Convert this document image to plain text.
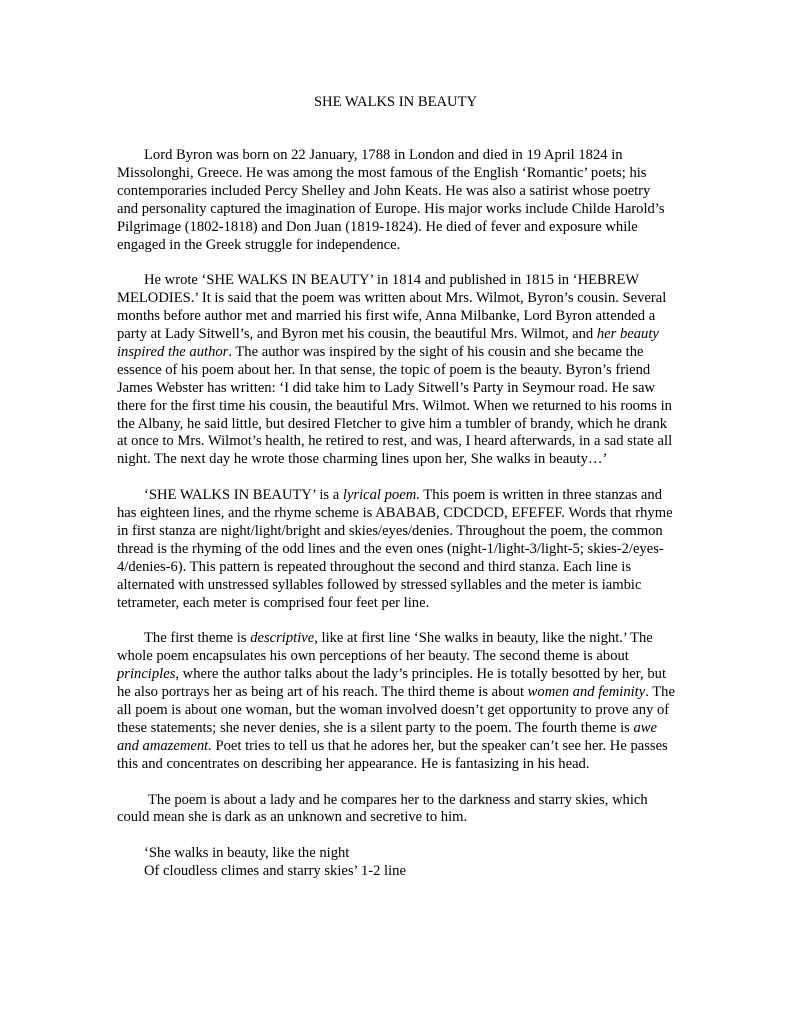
SHE WALKS IN BEAUTY

Lord Byron was born on 22 January, 1788 in London and died in 19 April 1824 in Missolonghi, Greece. He was among the most famous of the English ‘Romantic’ poets; his contemporaries included Percy Shelley and John Keats. He was also a satirist whose poetry and personality captured the imagination of Europe. His major works include Childe Harold’s Pilgrimage (1802-1818) and Don Juan (1819-1824). He died of fever and exposure while engaged in the Greek struggle for independence.

He wrote ‘SHE WALKS IN BEAUTY’ in 1814 and published in 1815 in ‘HEBREW MELODIES.’ It is said that the poem was written about Mrs. Wilmot, Byron’s cousin. Several months before author met and married his first wife, Anna Milbanke, Lord Byron attended a party at Lady Sitwell’s, and Byron met his cousin, the beautiful Mrs. Wilmot, and her beauty inspired the author. The author was inspired by the sight of his cousin and she became the essence of his poem about her. In that sense, the topic of poem is the beauty. Byron’s friend James Webster has written: ‘I did take him to Lady Sitwell’s Party in Seymour road. He saw there for the first time his cousin, the beautiful Mrs. Wilmot. When we returned to his rooms in the Albany, he said little, but desired Fletcher to give him a tumbler of brandy, which he drank at once to Mrs. Wilmot’s health, he retired to rest, and was, I heard afterwards, in a sad state all night. The next day he wrote those charming lines upon her, She walks in beauty…’

‘SHE WALKS IN BEAUTY’ is a lyrical poem. This poem is written in three stanzas and has eighteen lines, and the rhyme scheme is ABABAB, CDCDCD, EFEFEF. Words that rhyme in first stanza are night/light/bright and skies/eyes/denies. Throughout the poem, the common thread is the rhyming of the odd lines and the even ones (night-1/light-3/light-5; skies-2/eyes-4/denies-6). This pattern is repeated throughout the second and third stanza. Each line is alternated with unstressed syllables followed by stressed syllables and the meter is iambic tetrameter, each meter is comprised four feet per line.

The first theme is descriptive, like at first line ‘She walks in beauty, like the night.’ The whole poem encapsulates his own perceptions of her beauty. The second theme is about principles, where the author talks about the lady’s principles. He is totally besotted by her, but he also portrays her as being art of his reach. The third theme is about women and feminity. The all poem is about one woman, but the woman involved doesn’t get opportunity to prove any of these statements; she never denies, she is a silent party to the poem. The fourth theme is awe and amazement. Poet tries to tell us that he adores her, but the speaker can’t see her. He passes this and concentrates on describing her appearance. He is fantasizing in his head.

The poem is about a lady and he compares her to the darkness and starry skies, which could mean she is dark as an unknown and secretive to him.

‘She walks in beauty, like the night

Of cloudless climes and starry skies’ 1-2 line
